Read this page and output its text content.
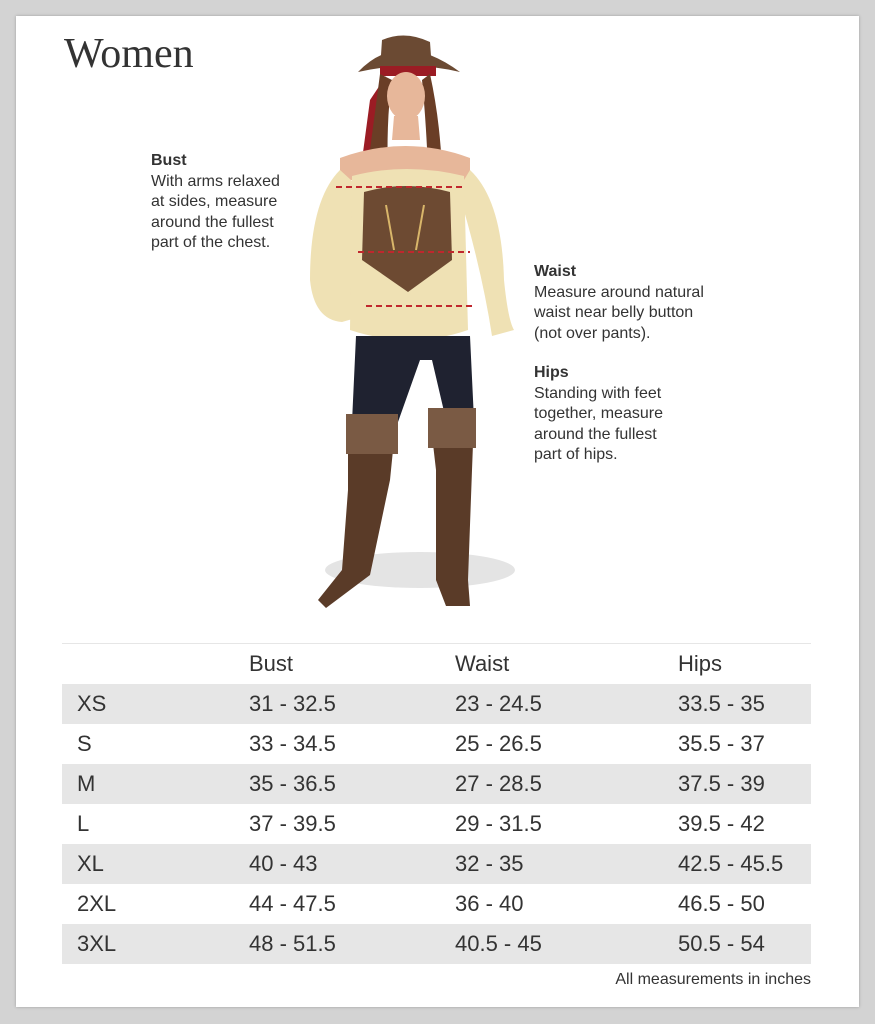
Women
Bust
With arms relaxed
at sides, measure
around the fullest
part of the chest.
Waist
Measure around natural
waist near belly button
(not over pants).
Hips
Standing with feet
together, measure
around the fullest
part of hips.
	Bust	Waist	Hips
XS	31 - 32.5	23 - 24.5	33.5 - 35
S	33 - 34.5	25 - 26.5	35.5 - 37
M	35 - 36.5	27 - 28.5	37.5 - 39
L	37 - 39.5	29 - 31.5	39.5 - 42
XL	40 - 43	32 - 35	42.5 - 45.5
2XL	44 - 47.5	36 - 40	46.5 - 50
3XL	48 - 51.5	40.5 - 45	50.5 - 54
All measurements in inches
